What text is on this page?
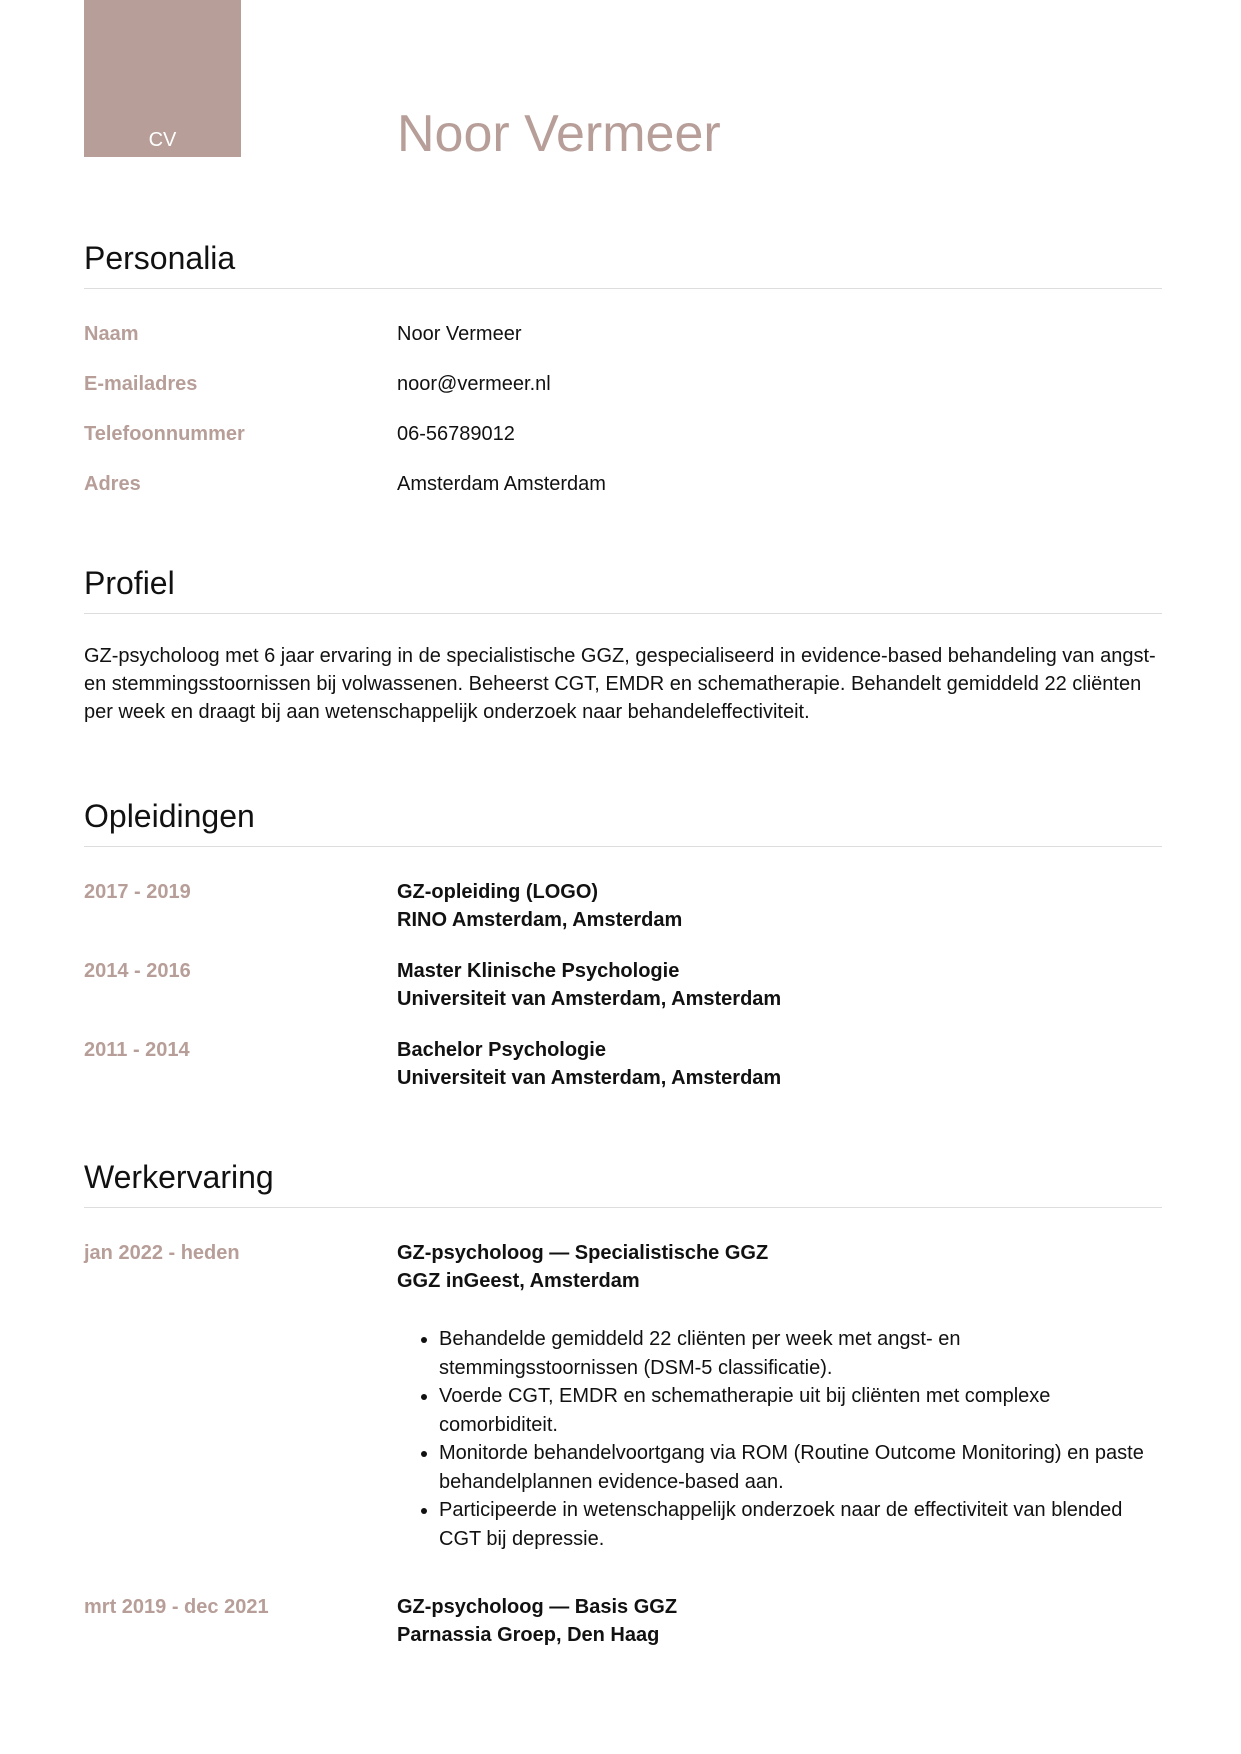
CV	Noor Vermeer
Personalia
Naam	Noor Vermeer
E-mailadres	noor@vermeer.nl
Telefoonnummer	06-56789012
Adres	Amsterdam Amsterdam
Profiel

GZ-psycholoog met 6 jaar ervaring in de specialistische GGZ, gespecialiseerd in evidence-based behandeling van angst- en stemmingsstoornissen bij volwassenen. Beheerst CGT, EMDR en schematherapie. Behandelt gemiddeld 22 cliënten per week en draagt bij aan wetenschappelijk onderzoek naar behandeleffectiviteit.

Opleidingen
2017 - 2019	GZ-opleiding (LOGO)
RINO Amsterdam, Amsterdam
2014 - 2016	Master Klinische Psychologie
Universiteit van Amsterdam, Amsterdam
2011 - 2014	Bachelor Psychologie
Universiteit van Amsterdam, Amsterdam
Werkervaring
jan 2022 - heden	GZ-psycholoog — Specialistische GGZ
GGZ inGeest, Amsterdam
• Behandelde gemiddeld 22 cliënten per week met angst- en stemmingsstoornissen (DSM-5 classificatie).
• Voerde CGT, EMDR en schematherapie uit bij cliënten met complexe comorbiditeit.
• Monitorde behandelvoortgang via ROM (Routine Outcome Monitoring) en paste behandelplannen evidence-based aan.
• Participeerde in wetenschappelijk onderzoek naar de effectiviteit van blended CGT bij depressie.
mrt 2019 - dec 2021	GZ-psycholoog — Basis GGZ
Parnassia Groep, Den Haag
